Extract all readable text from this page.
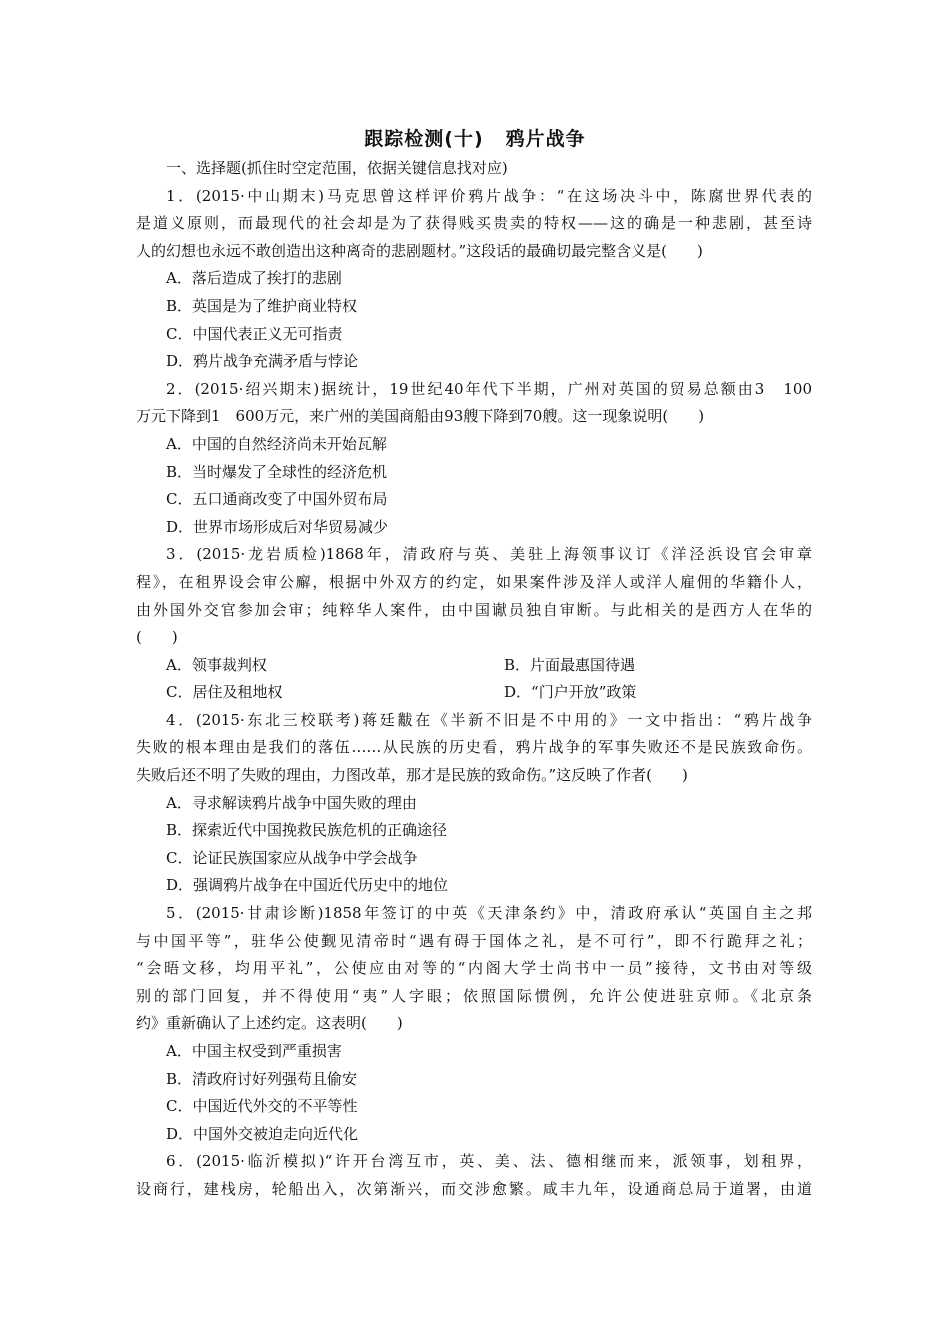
跟踪检测(十) 鸦片战争
一、选择题(抓住时空定范围，依据关键信息找对应)
1．(2015·中山期末)马克思曾这样评价鸦片战争：“在这场决斗中，陈腐世界代表的
是道义原则，而最现代的社会却是为了获得贱买贵卖的特权——这的确是一种悲剧，甚至诗
人的幻想也永远不敢创造出这种离奇的悲剧题材。”这段话的最确切最完整含义是(　　)
A．落后造成了挨打的悲剧
B．英国是为了维护商业特权
C．中国代表正义无可指责
D．鸦片战争充满矛盾与悖论
2．(2015·绍兴期末)据统计，19世纪40年代下半期，广州对英国的贸易总额由3　100
万元下降到1　600万元，来广州的美国商船由93艘下降到70艘。这一现象说明(　　)
A．中国的自然经济尚未开始瓦解
B．当时爆发了全球性的经济危机
C．五口通商改变了中国外贸布局
D．世界市场形成后对华贸易减少
3．(2015·龙岩质检)1868年，清政府与英、美驻上海领事议订《洋泾浜设官会审章
程》，在租界设会审公廨，根据中外双方的约定，如果案件涉及洋人或洋人雇佣的华籍仆人，
由外国外交官参加会审；纯粹华人案件，由中国谳员独自审断。与此相关的是西方人在华的
(　　)
A．领事裁判权	B．片面最惠国待遇
C．居住及租地权	D．“门户开放”政策
4．(2015·东北三校联考)蒋廷黻在《半新不旧是不中用的》一文中指出：“鸦片战争
失败的根本理由是我们的落伍……从民族的历史看，鸦片战争的军事失败还不是民族致命伤。
失败后还不明了失败的理由，力图改革，那才是民族的致命伤。”这反映了作者(　　)
A．寻求解读鸦片战争中国失败的理由
B．探索近代中国挽救民族危机的正确途径
C．论证民族国家应从战争中学会战争
D．强调鸦片战争在中国近代历史中的地位
5．(2015·甘肃诊断)1858年签订的中英《天津条约》中，清政府承认“英国自主之邦
与中国平等”，驻华公使觐见清帝时“遇有碍于国体之礼，是不可行”，即不行跪拜之礼；
“会晤文移，均用平礼”，公使应由对等的“内阁大学士尚书中一员”接待，文书由对等级
别的部门回复，并不得使用“夷”人字眼；依照国际惯例，允许公使进驻京师。《北京条
约》重新确认了上述约定。这表明(　　)
A．中国主权受到严重损害
B．清政府讨好列强苟且偷安
C．中国近代外交的不平等性
D．中国外交被迫走向近代化
6．(2015·临沂模拟)“许开台湾互市，英、美、法、德相继而来，派领事，划租界，
设商行，建栈房，轮船出入，次第渐兴，而交涉愈繁。咸丰九年，设通商总局于道署，由道
